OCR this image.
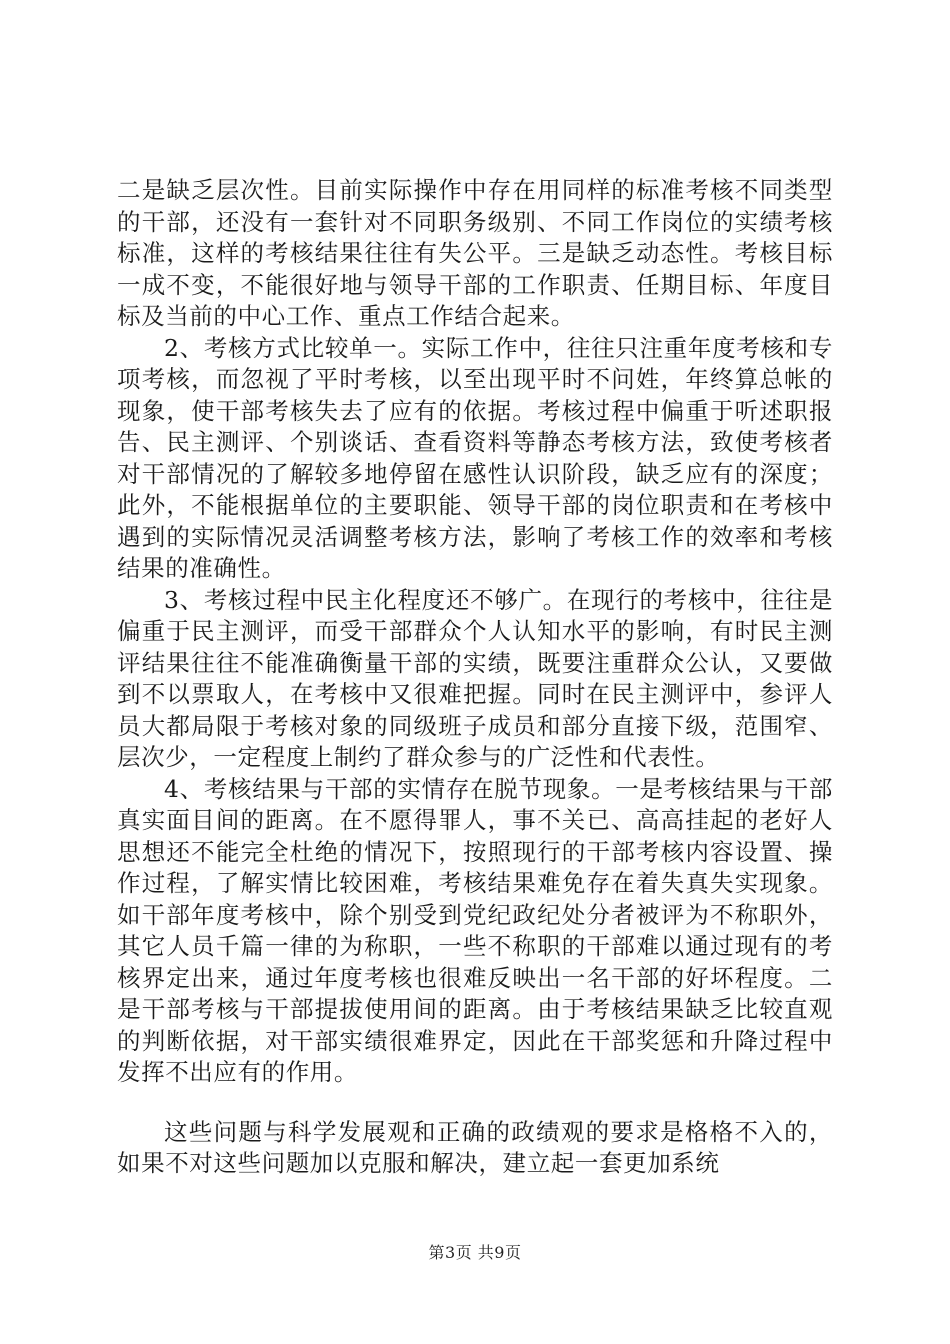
二是缺乏层次性。目前实际操作中存在用同样的标准考核不同类型的干部，还没有一套针对不同职务级别、不同工作岗位的实绩考核标准，这样的考核结果往往有失公平。三是缺乏动态性。考核目标一成不变，不能很好地与领导干部的工作职责、任期目标、年度目标及当前的中心工作、重点工作结合起来。

2、考核方式比较单一。实际工作中，往往只注重年度考核和专项考核，而忽视了平时考核，以至出现平时不问姓，年终算总帐的现象，使干部考核失去了应有的依据。考核过程中偏重于听述职报告、民主测评、个别谈话、查看资料等静态考核方法，致使考核者对干部情况的了解较多地停留在感性认识阶段，缺乏应有的深度；此外，不能根据单位的主要职能、领导干部的岗位职责和在考核中遇到的实际情况灵活调整考核方法，影响了考核工作的效率和考核结果的准确性。

3、考核过程中民主化程度还不够广。在现行的考核中，往往是偏重于民主测评，而受干部群众个人认知水平的影响，有时民主测评结果往往不能准确衡量干部的实绩，既要注重群众公认，又要做到不以票取人，在考核中又很难把握。同时在民主测评中，参评人员大都局限于考核对象的同级班子成员和部分直接下级，范围窄、层次少，一定程度上制约了群众参与的广泛性和代表性。

4、考核结果与干部的实情存在脱节现象。一是考核结果与干部真实面目间的距离。在不愿得罪人，事不关已、高高挂起的老好人思想还不能完全杜绝的情况下，按照现行的干部考核内容设置、操作过程，了解实情比较困难，考核结果难免存在着失真失实现象。如干部年度考核中，除个别受到党纪政纪处分者被评为不称职外，其它人员千篇一律的为称职，一些不称职的干部难以通过现有的考核界定出来，通过年度考核也很难反映出一名干部的好坏程度。二是干部考核与干部提拔使用间的距离。由于考核结果缺乏比较直观的判断依据，对干部实绩很难界定，因此在干部奖惩和升降过程中发挥不出应有的作用。

这些问题与科学发展观和正确的政绩观的要求是格格不入的，如果不对这些问题加以克服和解决，建立起一套更加系统

第3页 共9页
